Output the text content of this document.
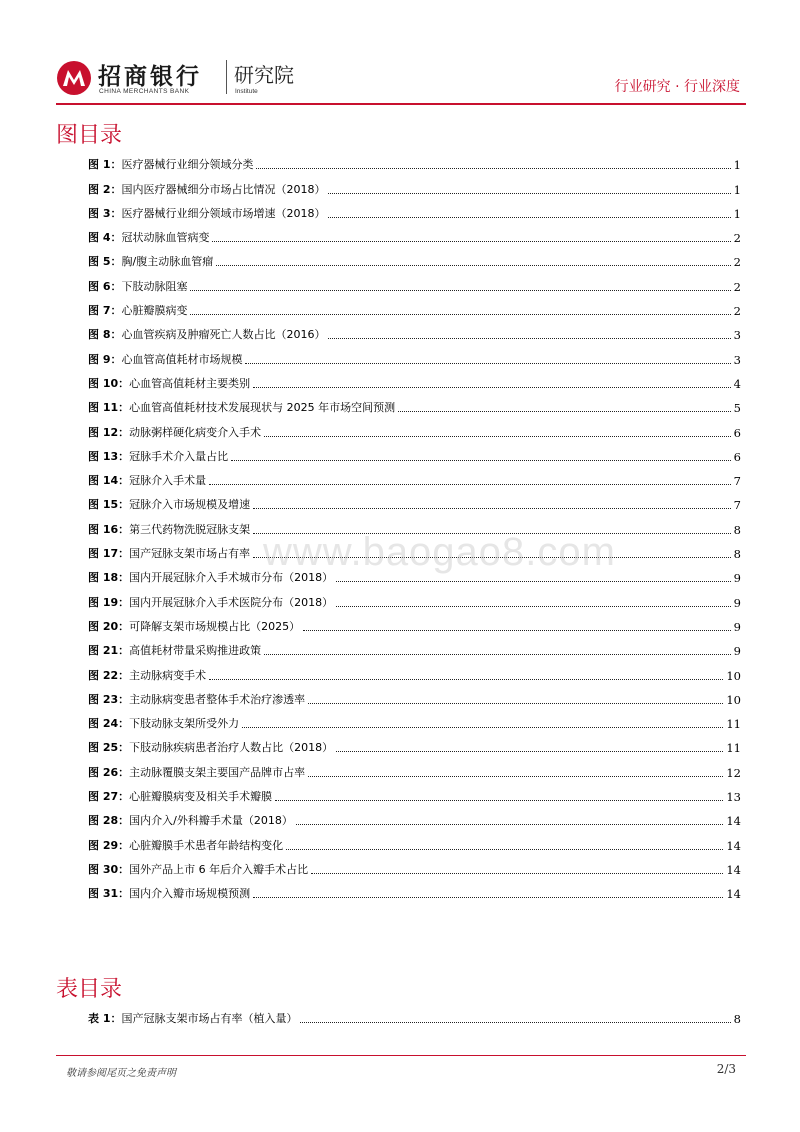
招商银行
CHINA MERCHANTS BANK
研究院
Institute	行业研究 · 行业深度
图目录
图 1： 医疗器械行业细分领域分类	1
图 2： 国内医疗器械细分市场占比情况（2018）	1
图 3： 医疗器械行业细分领域市场增速（2018）	1
图 4： 冠状动脉血管病变	2
图 5： 胸/腹主动脉血管瘤	2
图 6： 下肢动脉阻塞	2
图 7： 心脏瓣膜病变	2
图 8： 心血管疾病及肿瘤死亡人数占比（2016）	3
图 9： 心血管高值耗材市场规模	3
图 10： 心血管高值耗材主要类别	4
图 11： 心血管高值耗材技术发展现状与 2025 年市场空间预测	5
图 12： 动脉粥样硬化病变介入手术	6
图 13： 冠脉手术介入量占比	6
图 14： 冠脉介入手术量	7
图 15： 冠脉介入市场规模及增速	7
图 16： 第三代药物洗脱冠脉支架	8
图 17： 国产冠脉支架市场占有率	8
图 18： 国内开展冠脉介入手术城市分布（2018）	9
图 19： 国内开展冠脉介入手术医院分布（2018）	9
图 20： 可降解支架市场规模占比（2025）	9
图 21： 高值耗材带量采购推进政策	9
图 22： 主动脉病变手术	10
图 23： 主动脉病变患者整体手术治疗渗透率	10
图 24： 下肢动脉支架所受外力	11
图 25： 下肢动脉疾病患者治疗人数占比（2018）	11
图 26： 主动脉覆膜支架主要国产品牌市占率	12
图 27： 心脏瓣膜病变及相关手术瓣膜	13
图 28： 国内介入/外科瓣手术量（2018）	14
图 29： 心脏瓣膜手术患者年龄结构变化	14
图 30： 国外产品上市 6 年后介入瓣手术占比	14
图 31： 国内介入瓣市场规模预测	14
表目录
表 1： 国产冠脉支架市场占有率（植入量）	8
www.baogao8.com
敬请参阅尾页之免责声明	2/3
